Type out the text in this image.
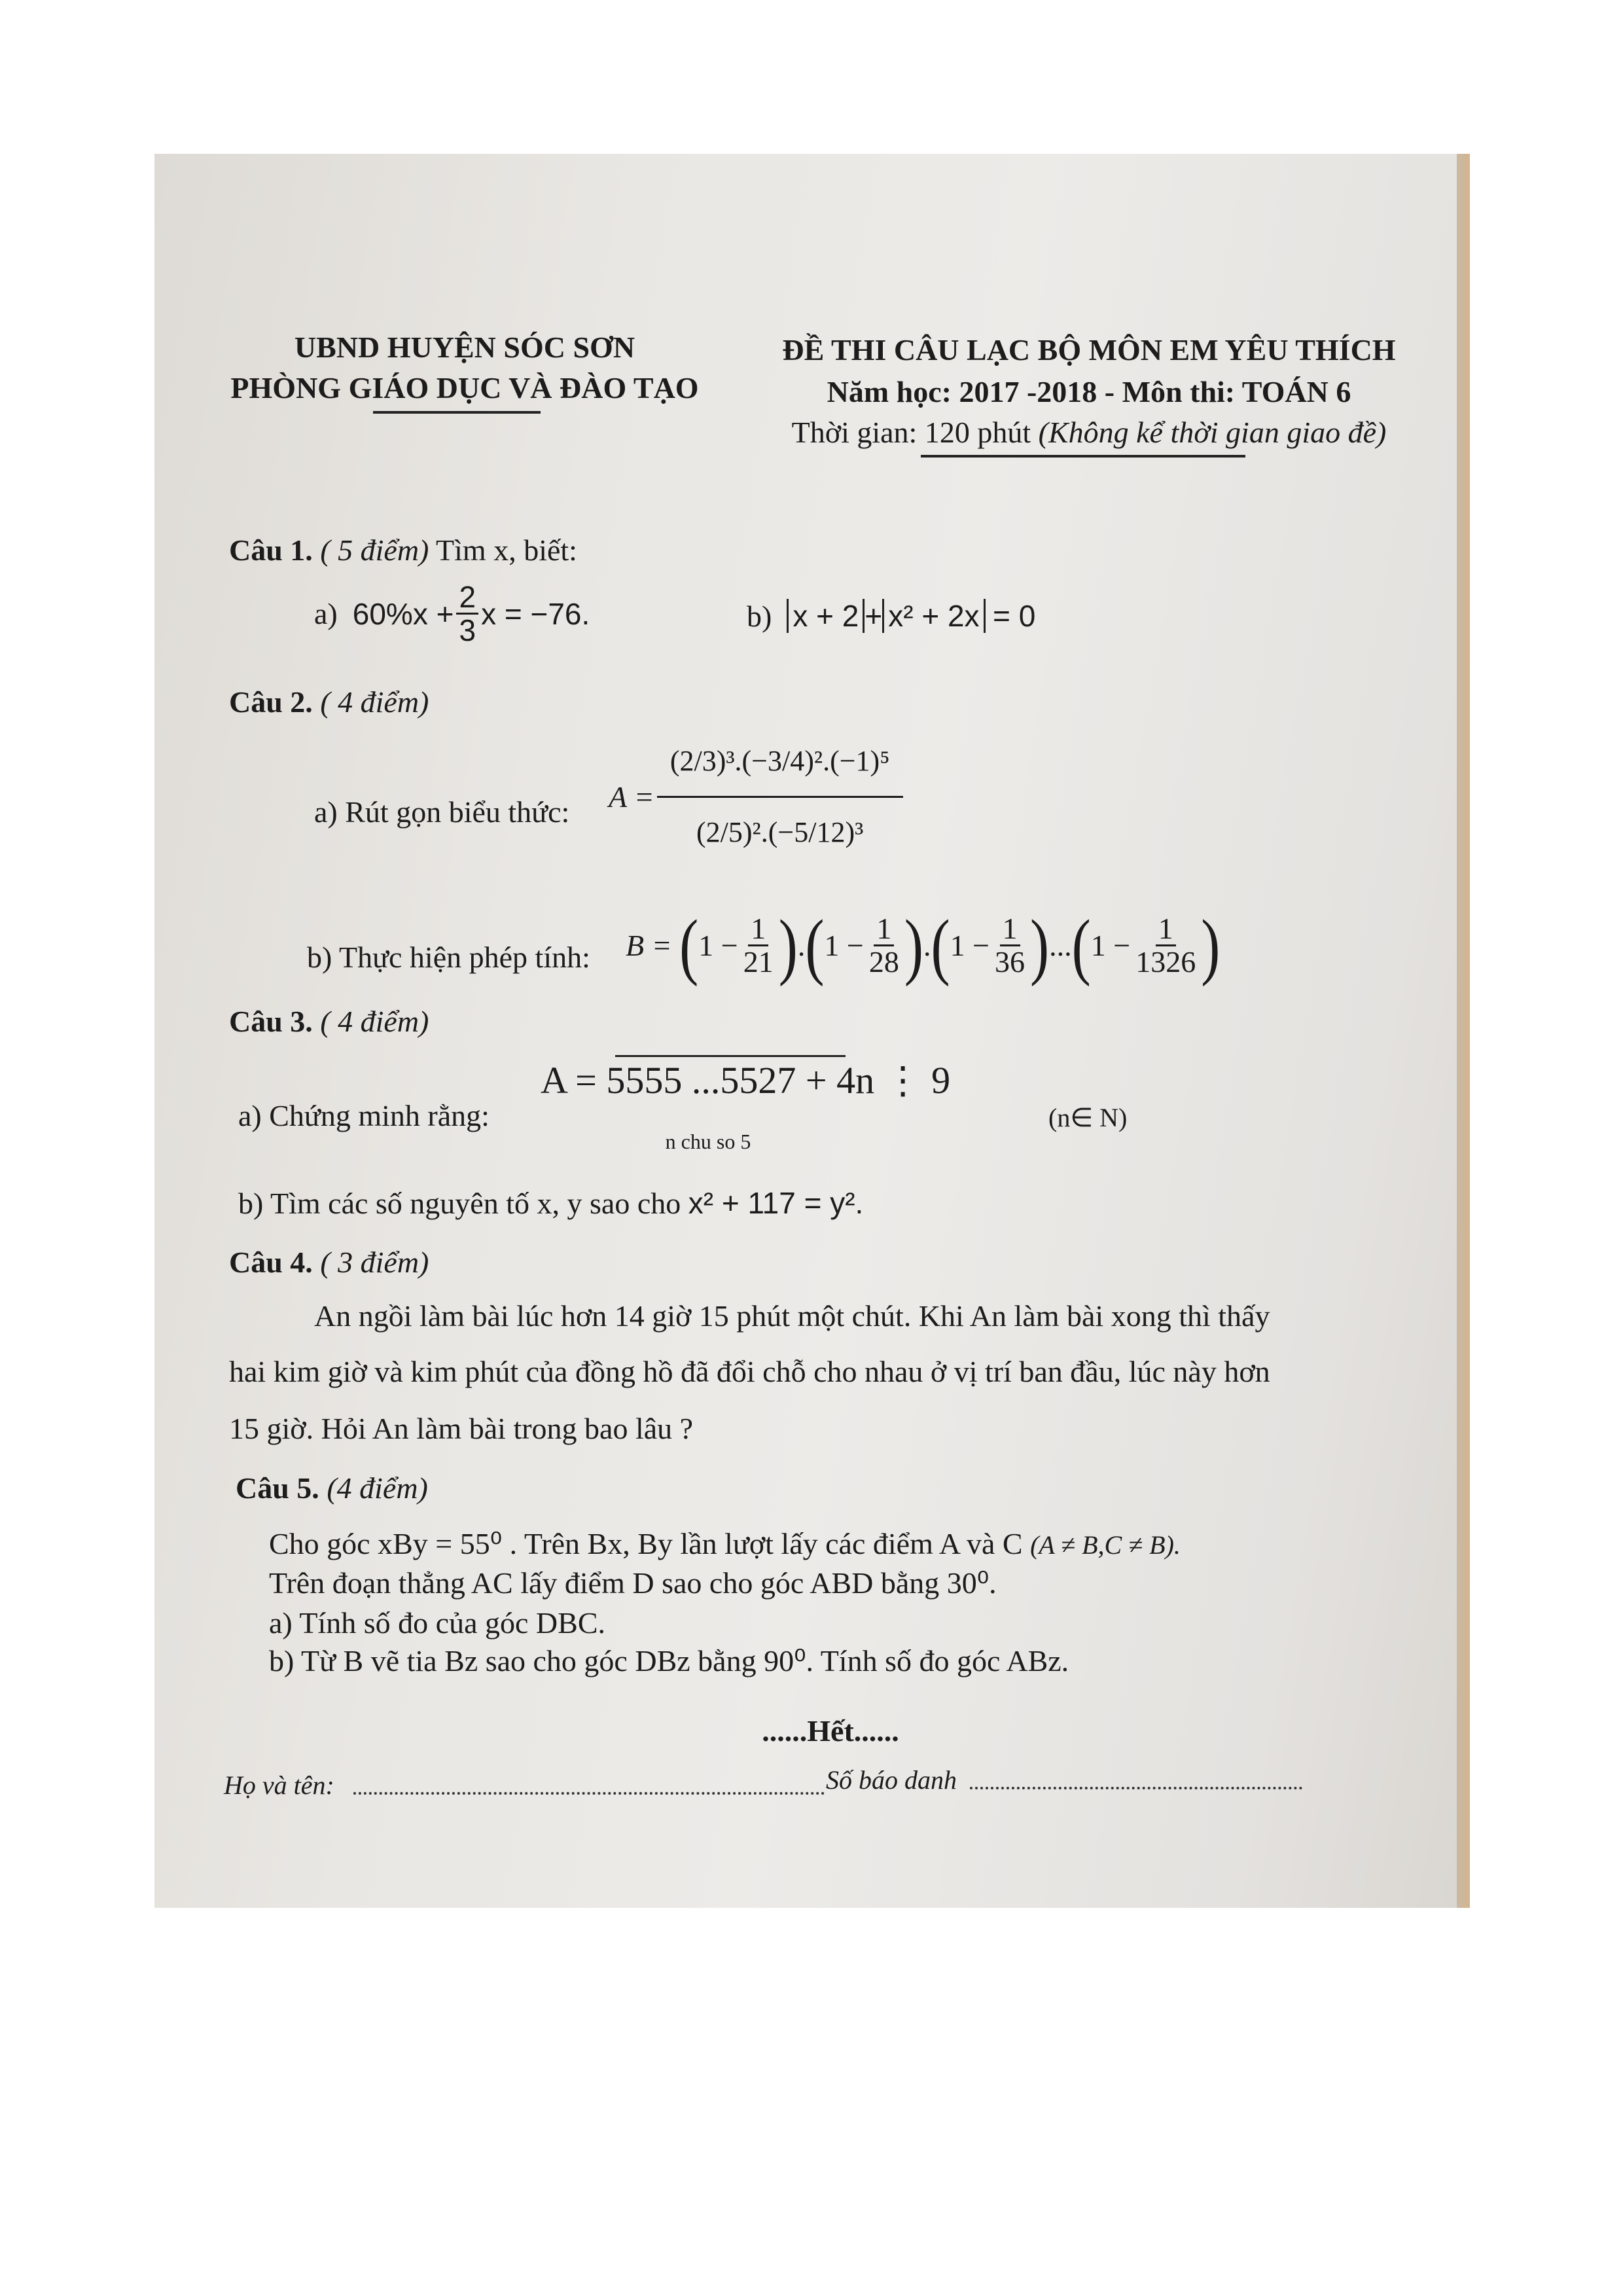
UBND HUYỆN SÓC SƠN
PHÒNG GIÁO DỤC VÀ ĐÀO TẠO
ĐỀ THI CÂU LẠC BỘ MÔN EM YÊU THÍCH
Năm học: 2017 -2018 - Môn thi: TOÁN 6
Thời gian: 120 phút (Không kể thời gian giao đề)
Câu 1. ( 5 điểm) Tìm x, biết:
a)
$60\%x + \frac{2}{3}$ x = −76.	b) x + 2 + x² + 2x = 0
Câu 2. ( 4 điểm)
a) Rút gọn biểu thức: $A = \frac{\text{(2/3)³.(−3/4)².(−1)⁵}}{\text{(2/5)².(−5/12)³}}$
b) Thực hiện phép tính: B =
( $1 - \frac{1}{21}$ ) . ( $1 - \frac{1}{28}$ ) . ( $1 - \frac{1}{36}$ ) ... ( $1 - \frac{1}{1326}$ )
Câu 3. ( 4 điểm)
a) Chứng minh rằng:
A = 5555 ...5527 + 4n ⋮ 9
n chu so 5
(n∈ N)
b) Tìm các số nguyên tố x, y sao cho x² + 117 = y².
Câu 4. ( 3 điểm)
An ngồi làm bài lúc hơn 14 giờ 15 phút một chút. Khi An làm bài xong thì thấy
hai kim giờ và kim phút của đồng hồ đã đổi chỗ cho nhau ở vị trí ban đầu, lúc này hơn
15 giờ. Hỏi An làm bài trong bao lâu ?
Câu 5. (4 điểm)
Cho góc xBy = 55⁰ . Trên Bx, By lần lượt lấy các điểm A và C (A ≠ B,C ≠ B).
Trên đoạn thẳng AC lấy điểm D sao cho góc ABD bằng 30⁰.
a) Tính số đo của góc DBC.
b) Từ B vẽ tia Bz sao cho góc DBz bằng 90⁰. Tính số đo góc ABz.
......Hết......
Họ và tên:	Số báo danh
